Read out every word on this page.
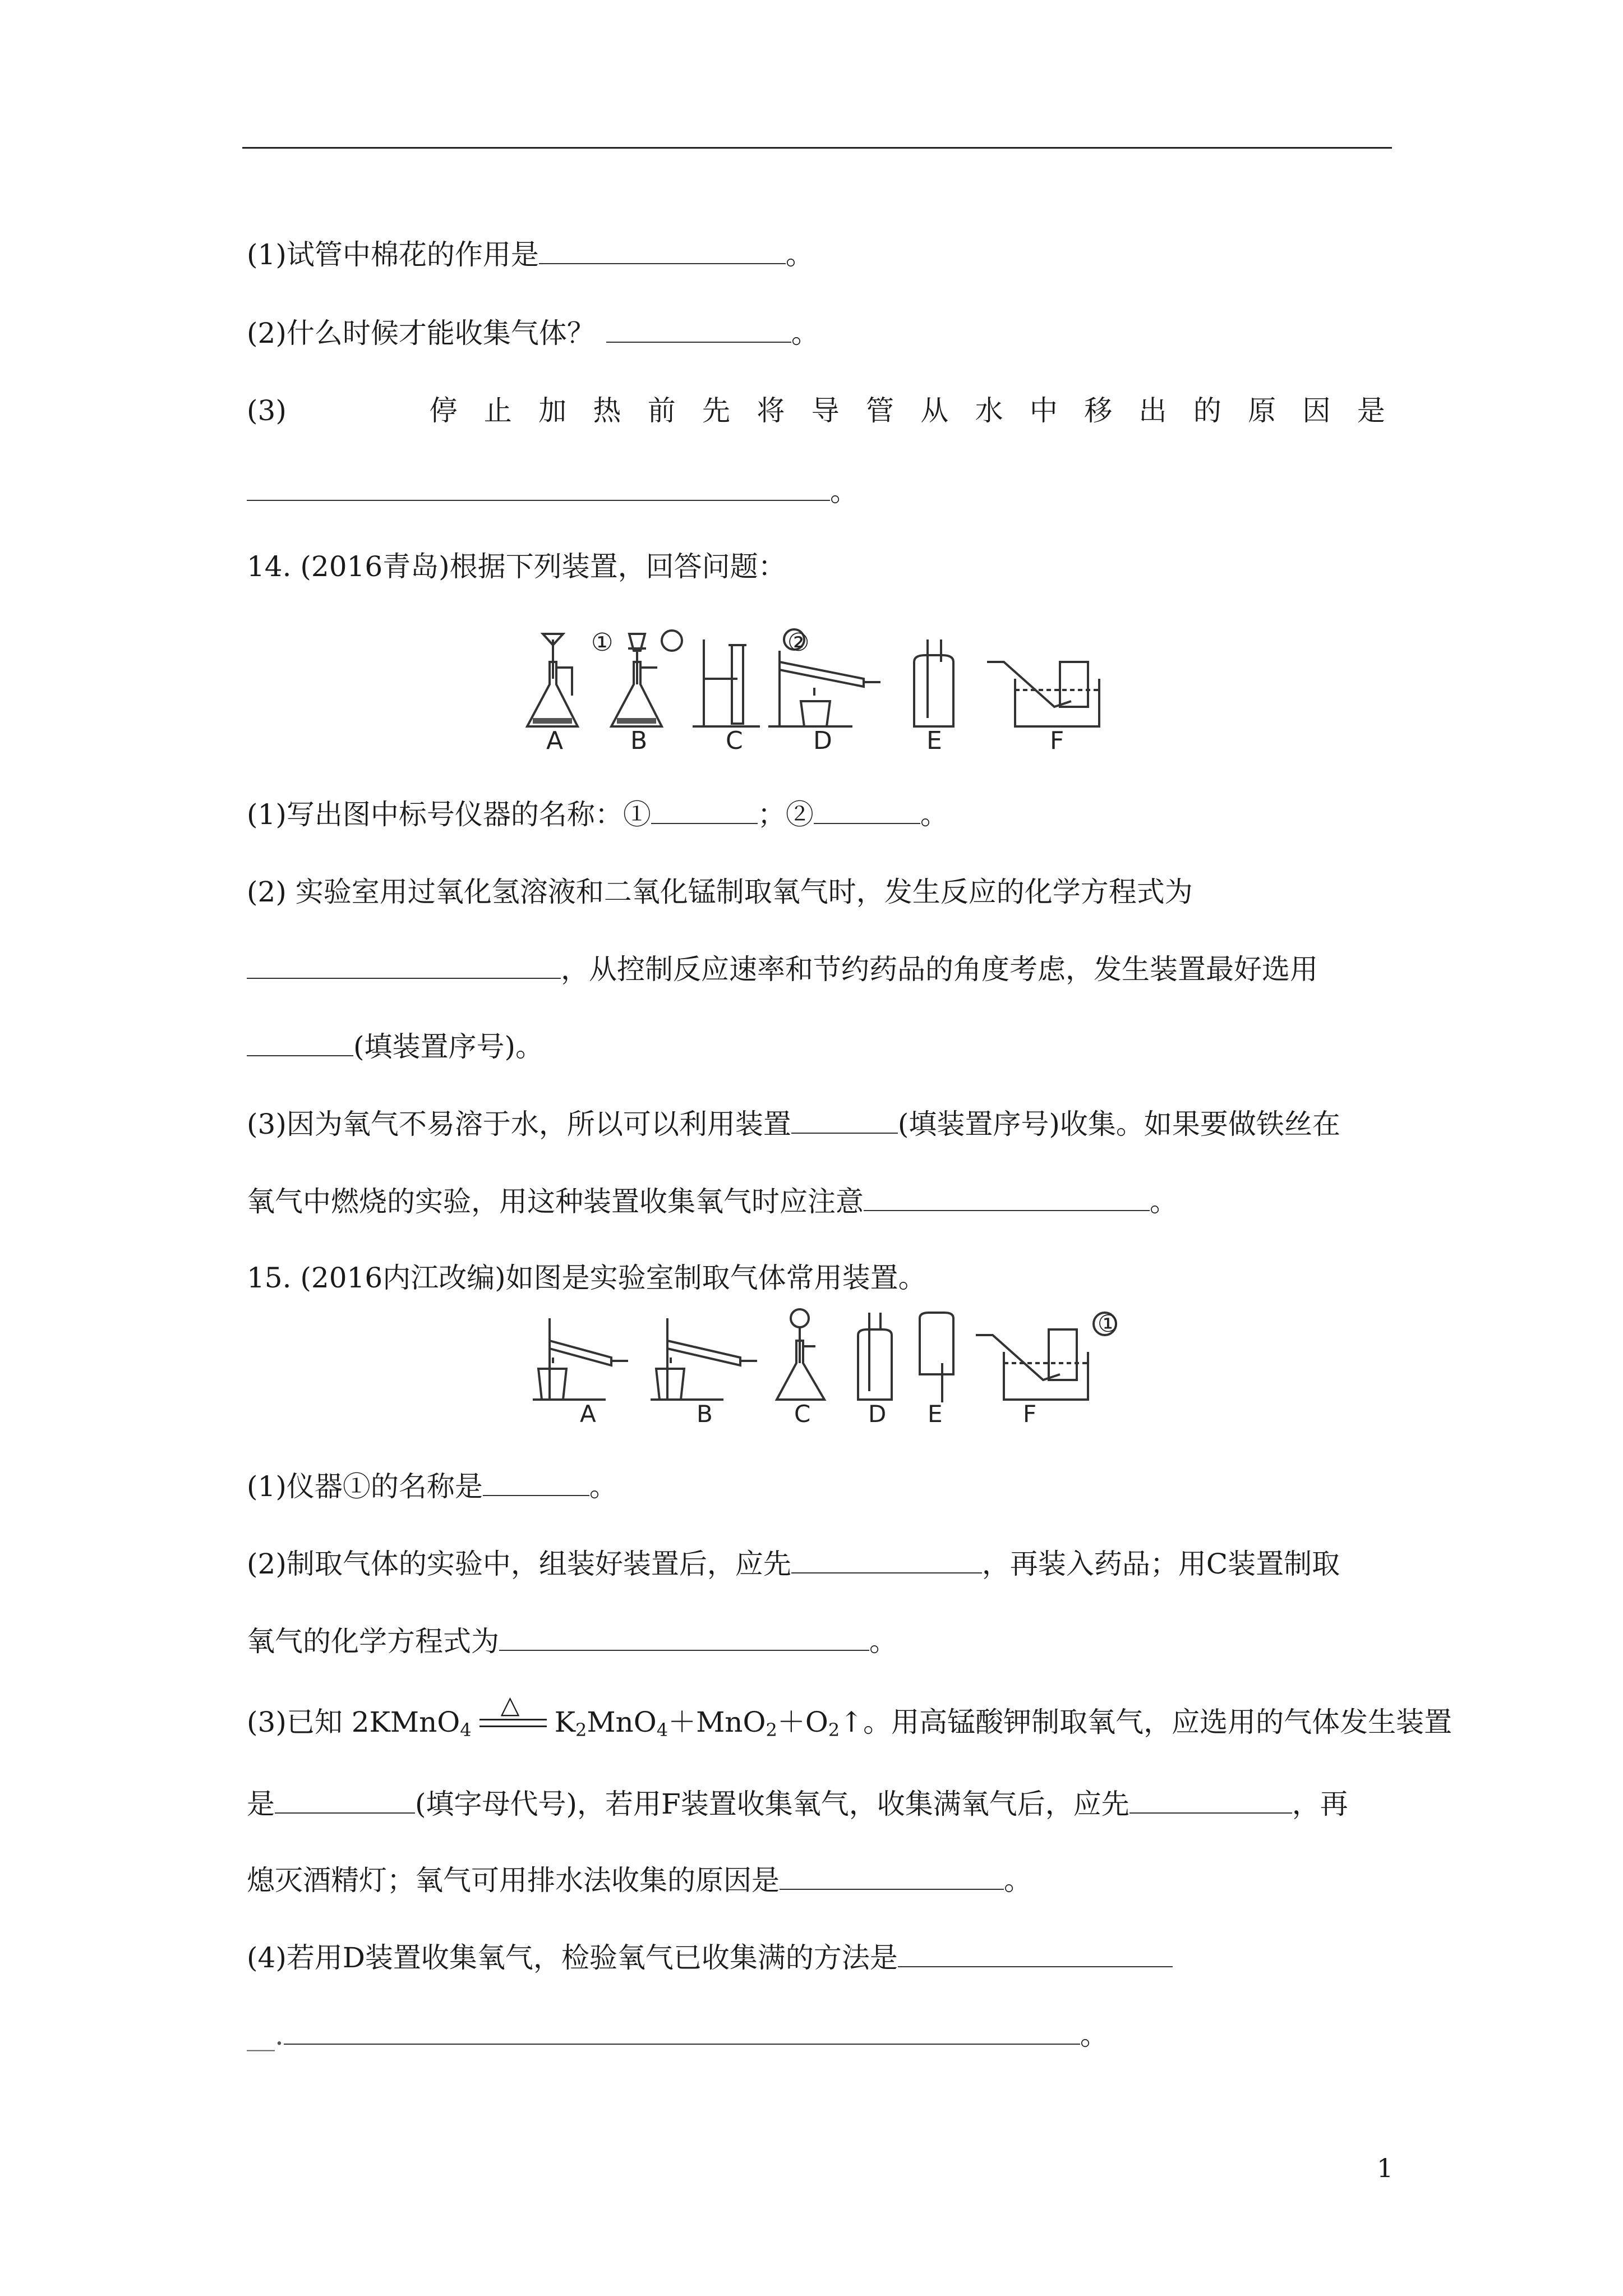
(1)试管中棉花的作用是	。
(2)什么时候才能收集气体？	。
(3)	停 止 加 热 前 先 将 导 管 从 水 中 移 出 的 原 因 是
。
14. (2016青岛)根据下列装置，回答问题：
①	②
A	B	C	D	E	F
(1)写出图中标号仪器的名称：①	；②	。
(2) 实验室用过氧化氢溶液和二氧化锰制取氧气时，发生反应的化学方程式为
，从控制反应速率和节约药品的角度考虑，发生装置最好选用
(填装置序号)。
(3)因为氧气不易溶于水，所以可以利用装置	(填装置序号)收集。如果要做铁丝在
氧气中燃烧的实验，用这种装置收集氧气时应注意	。
15. (2016内江改编)如图是实验室制取气体常用装置。
①
A	B	C D E	F
(1)仪器①的名称是	。
(2)制取气体的实验中，组装好装置后，应先	，再装入药品；用C装置制取
氧气的化学方程式为	。
(3)已知 2KMnO$_4$
△
$K_2MnO_4+MnO_2+O_2↑$。用高锰酸钾制取氧气，应选用的气体发生装置
是	(填字母代号)，若用F装置收集氧气，收集满氧气后，应先	，再
熄灭酒精灯；氧气可用排水法收集的原因是	。
(4)若用D装置收集氧气，检验氧气已收集满的方法是
__.	。
1
